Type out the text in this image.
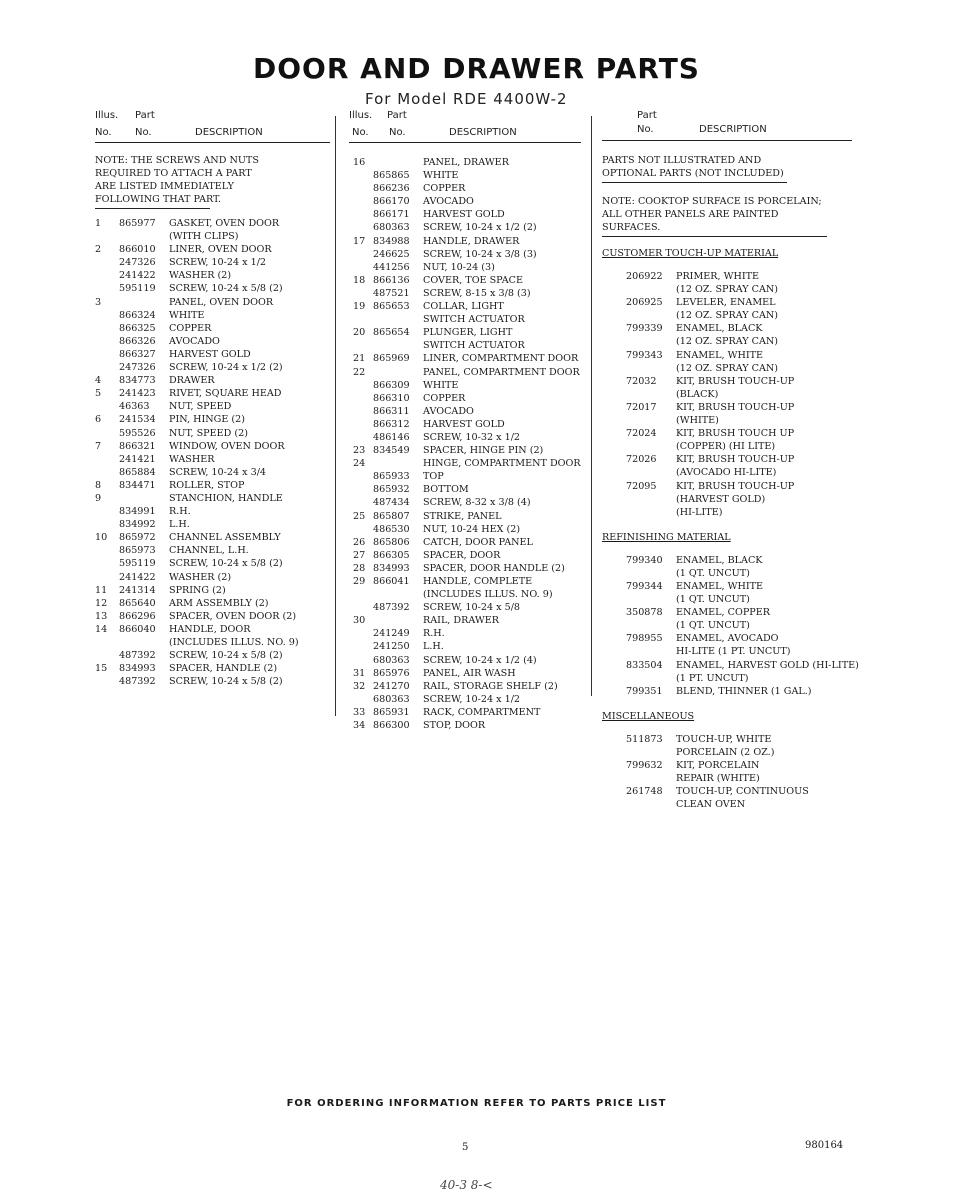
DOOR AND DRAWER PARTS
For Model RDE 4400W-2
Illus. Part
No. No.	DESCRIPTION
NOTE: THE SCREWS AND NUTS
REQUIRED TO ATTACH A PART
ARE LISTED IMMEDIATELY
FOLLOWING THAT PART.
1 865977 GASKET, OVEN DOOR
(WITH CLIPS)
2 866010 LINER, OVEN DOOR
247326 SCREW, 10-24 x 1/2
241422 WASHER (2)
595119 SCREW, 10-24 x 5/8 (2)
3	PANEL, OVEN DOOR
866324 WHITE
866325 COPPER
866326 AVOCADO
866327 HARVEST GOLD
247326 SCREW, 10-24 x 1/2 (2)
4 834773 DRAWER
5 241423 RIVET, SQUARE HEAD
46363 NUT, SPEED
6 241534 PIN, HINGE (2)
595526 NUT, SPEED (2)
7 866321 WINDOW, OVEN DOOR
241421 WASHER
865884 SCREW, 10-24 x 3/4
8 834471 ROLLER, STOP
9	STANCHION, HANDLE
834991 R.H.
834992 L.H.
10 865972 CHANNEL ASSEMBLY
865973 CHANNEL, L.H.
595119 SCREW, 10-24 x 5/8 (2)
241422 WASHER (2)
11 241314 SPRING (2)
12 865640 ARM ASSEMBLY (2)
13 866296 SPACER, OVEN DOOR (2)
14 866040 HANDLE, DOOR
(INCLUDES ILLUS. NO. 9)
487392 SCREW, 10-24 x 5/8 (2)
15 834993 SPACER, HANDLE (2)
487392 SCREW, 10-24 x 5/8 (2)
Illus. Part
No. No.	DESCRIPTION
16	PANEL, DRAWER
865865 WHITE
866236 COPPER
866170 AVOCADO
866171 HARVEST GOLD
680363 SCREW, 10-24 x 1/2 (2)
17 834988 HANDLE, DRAWER
246625 SCREW, 10-24 x 3/8 (3)
441256 NUT, 10-24 (3)
18 866136 COVER, TOE SPACE
487521 SCREW, 8-15 x 3/8 (3)
19 865653 COLLAR, LIGHT
SWITCH ACTUATOR
20 865654 PLUNGER, LIGHT
SWITCH ACTUATOR
21 865969 LINER, COMPARTMENT DOOR
22	PANEL, COMPARTMENT DOOR
866309 WHITE
866310 COPPER
866311 AVOCADO
866312 HARVEST GOLD
486146 SCREW, 10-32 x 1/2
23 834549 SPACER, HINGE PIN (2)
24	HINGE, COMPARTMENT DOOR
865933 TOP
865932 BOTTOM
487434 SCREW, 8-32 x 3/8 (4)
25 865807 STRIKE, PANEL
486530 NUT, 10-24 HEX (2)
26 865806 CATCH, DOOR PANEL
27 866305 SPACER, DOOR
28 834993 SPACER, DOOR HANDLE (2)
29 866041 HANDLE, COMPLETE
(INCLUDES ILLUS. NO. 9)
487392 SCREW, 10-24 x 5/8
30	RAIL, DRAWER
241249 R.H.
241250 L.H.
680363 SCREW, 10-24 x 1/2 (4)
31 865976 PANEL, AIR WASH
32 241270 RAIL, STORAGE SHELF (2)
680363 SCREW, 10-24 x 1/2
33 865931 RACK, COMPARTMENT
34 866300 STOP, DOOR
Part
No.	DESCRIPTION
PARTS NOT ILLUSTRATED AND
OPTIONAL PARTS (NOT INCLUDED)
NOTE: COOKTOP SURFACE IS PORCELAIN;
ALL OTHER PANELS ARE PAINTED
SURFACES.
CUSTOMER TOUCH-UP MATERIAL
206922 PRIMER, WHITE
(12 OZ. SPRAY CAN)
206925 LEVELER, ENAMEL
(12 OZ. SPRAY CAN)
799339 ENAMEL, BLACK
(12 OZ. SPRAY CAN)
799343 ENAMEL, WHITE
(12 OZ. SPRAY CAN)
72032 KIT, BRUSH TOUCH-UP
(BLACK)
72017 KIT, BRUSH TOUCH-UP
(WHITE)
72024 KIT, BRUSH TOUCH UP
(COPPER) (HI LITE)
72026 KIT, BRUSH TOUCH-UP
(AVOCADO HI-LITE)
72095 KIT, BRUSH TOUCH-UP
(HARVEST GOLD)
(HI-LITE)
REFINISHING MATERIAL
799340 ENAMEL, BLACK
(1 QT. UNCUT)
799344 ENAMEL, WHITE
(1 QT. UNCUT)
350878 ENAMEL, COPPER
(1 QT. UNCUT)
798955 ENAMEL, AVOCADO
HI-LITE (1 PT. UNCUT)
833504 ENAMEL, HARVEST GOLD (HI-LITE)
(1 PT. UNCUT)
799351 BLEND, THINNER (1 GAL.)
MISCELLANEOUS
511873 TOUCH-UP, WHITE
PORCELAIN (2 OZ.)
799632 KIT, PORCELAIN
REPAIR (WHITE)
261748 TOUCH-UP, CONTINUOUS
CLEAN OVEN
FOR ORDERING INFORMATION REFER TO PARTS PRICE LIST
5	980164
40-3 8-<
